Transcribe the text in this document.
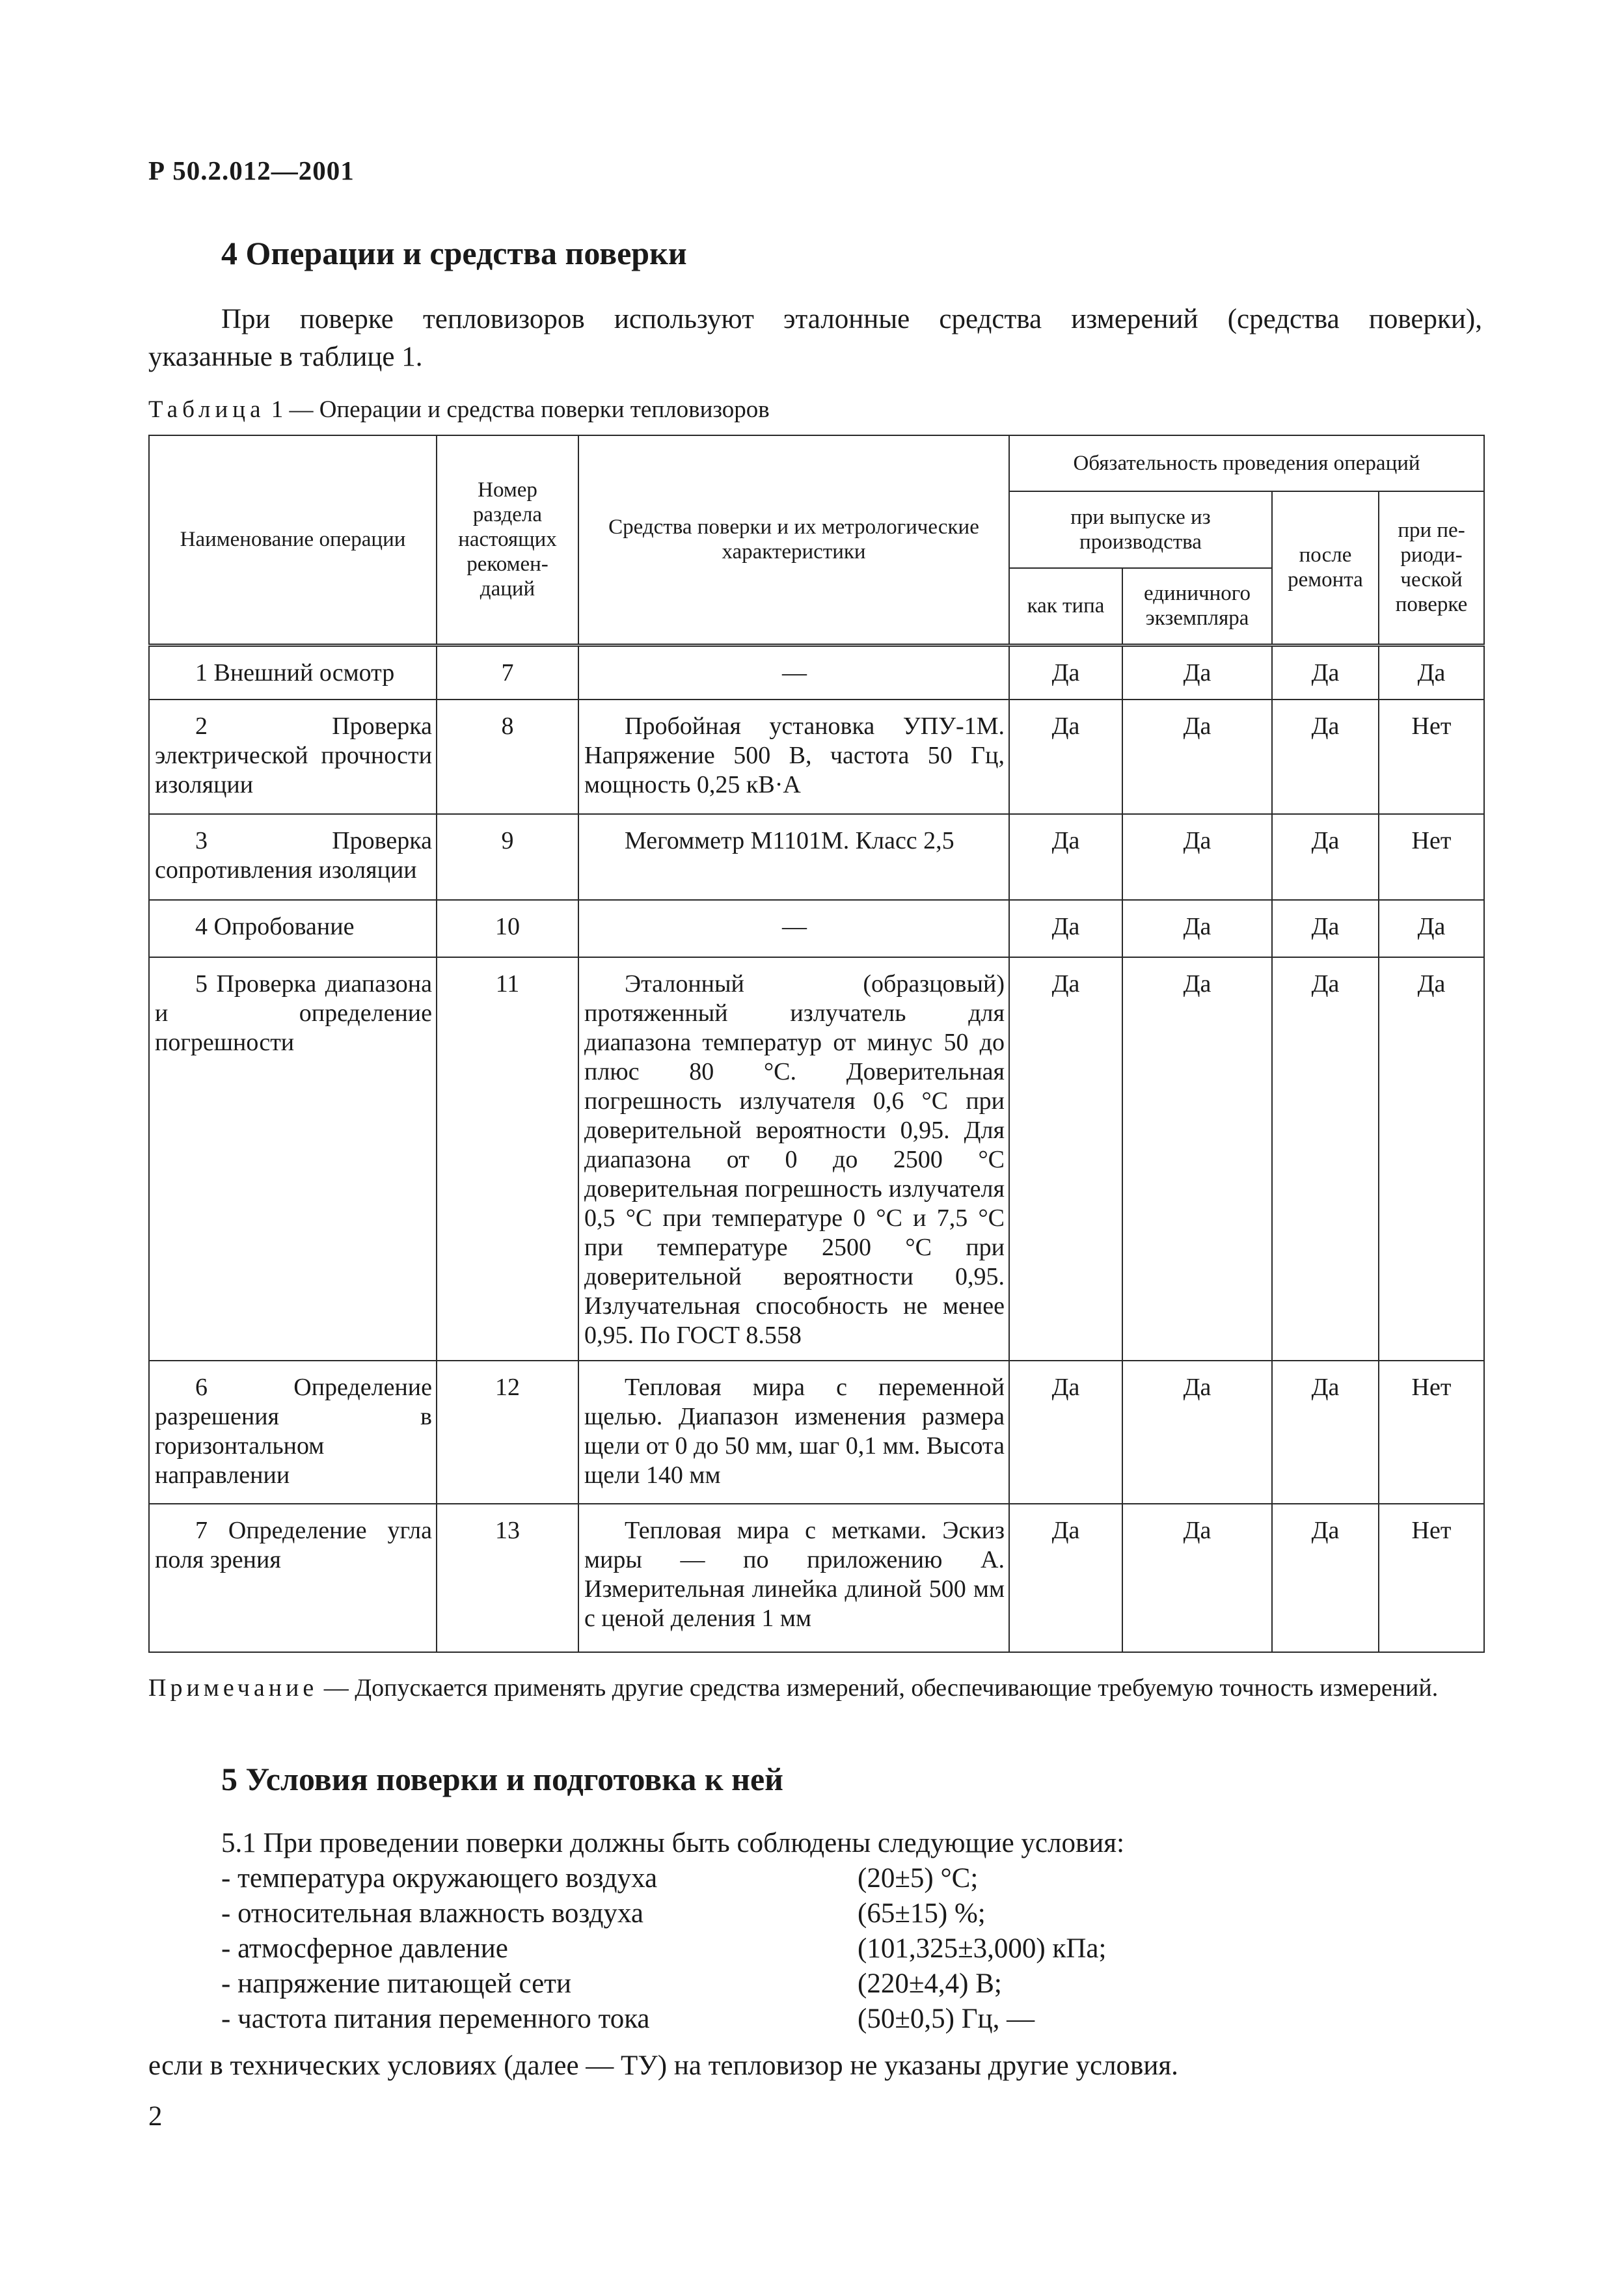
Р 50.2.012—2001
4 Операции и средства поверки
При поверке тепловизоров используют эталонные средства измерений (средства поверки),
указанные в таблице 1.
Таблица 1 — Операции и средства поверки тепловизоров
Наименование операции	Номер раздела настоящих рекомен-даций	Средства поверки и их метрологические характеристики	Обязательность проведения операций			
			при выпуске из производства		после ремонта	при пе-риоди-ческой поверке
			как типа	единичного экземпляра		

1 Внешний осмотр	7	—	Да	Да	Да	Да
2 Проверка электрической прочности изоляции	8	Пробойная установка УПУ-1М. Напряжение 500 В, частота 50 Гц, мощность 0,25 кВ·А	Да	Да	Да	Нет
3 Проверка сопротивления изоляции	9	Мегомметр М1101М. Класс 2,5	Да	Да	Да	Нет

4 Опробование	10	—	Да	Да	Да	Да
5 Проверка диапазона и определение погрешности	11	Эталонный (образцовый) протяженный излучатель для диапазона температур от минус 50 до плюс 80 °С. Доверительная погрешность излучателя 0,6 °С при доверительной вероятности 0,95. Для диапазона от 0 до 2500 °С доверительная погрешность излучателя 0,5 °С при температуре 0 °С и 7,5 °С при температуре 2500 °С при доверительной вероятности 0,95. Излучательная способность не менее 0,95. По ГОСТ 8.558	Да	Да	Да	Да
6 Определение разрешения в горизонтальном направлении	12	Тепловая мира с переменной щелью. Диапазон изменения размера щели от 0 до 50 мм, шаг 0,1 мм. Высота щели 140 мм	Да	Да	Да	Нет
7 Определение угла поля зрения	13	Тепловая мира с метками. Эскиз миры — по приложению А. Измерительная линейка длиной 500 мм с ценой деления 1 мм	Да	Да	Да	Нет
Примечание — Допускается применять другие средства измерений, обеспечивающие требуемую точность измерений.
5 Условия поверки и подготовка к ней
5.1 При проведении поверки должны быть соблюдены следующие условия:
- температура окружающего воздуха	(20±5) °С;
- относительная влажность воздуха	(65±15) %;
- атмосферное давление	(101,325±3,000) кПа;
- напряжение питающей сети	(220±4,4) В;
- частота питания переменного тока	(50±0,5) Гц, —
если в технических условиях (далее — ТУ) на тепловизор не указаны другие условия.
2
